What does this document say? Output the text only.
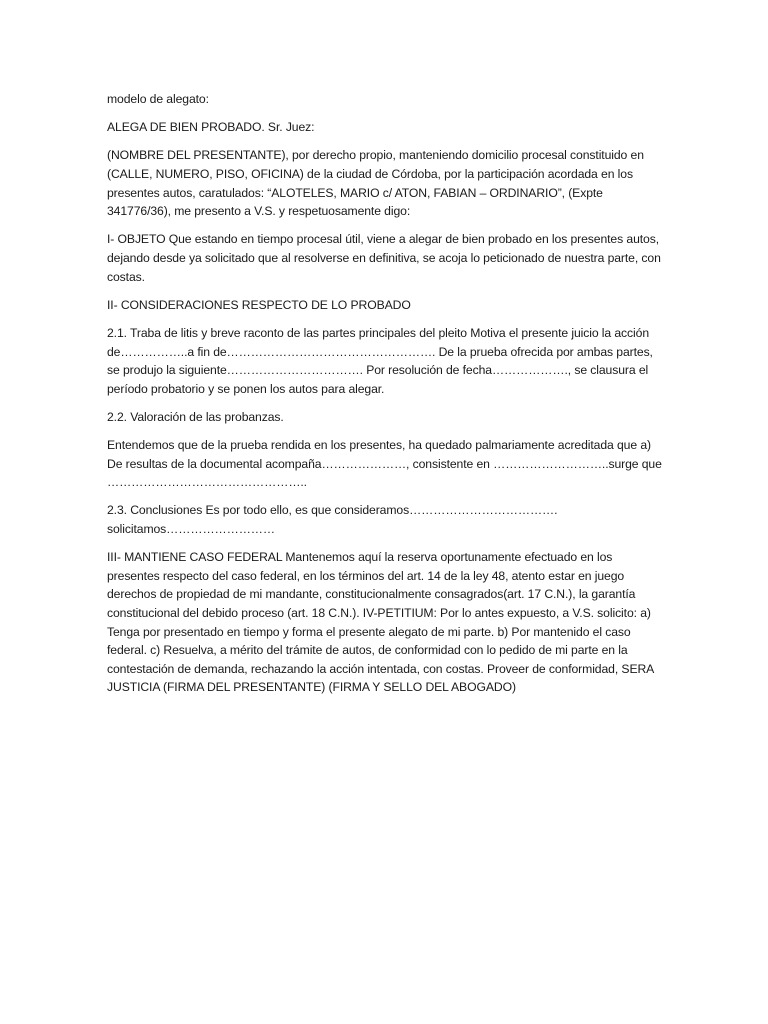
modelo de alegato:

ALEGA DE BIEN PROBADO. Sr. Juez:

(NOMBRE DEL PRESENTANTE), por derecho propio, manteniendo domicilio procesal constituido en (CALLE, NUMERO, PISO, OFICINA) de la ciudad de Córdoba, por la participación acordada en los presentes autos, caratulados: “ALOTELES, MARIO c/ ATON, FABIAN – ORDINARIO”, (Expte 341776/36), me presento a V.S. y respetuosamente digo:

I- OBJETO Que estando en tiempo procesal útil, viene a alegar de bien probado en los presentes autos, dejando desde ya solicitado que al resolverse en definitiva, se acoja lo peticionado de nuestra parte, con costas.

II- CONSIDERACIONES RESPECTO DE LO PROBADO

2.1. Traba de litis y breve raconto de las partes principales del pleito Motiva el presente juicio la acción de……………..a fin de……………………………………………. De la prueba ofrecida por ambas partes, se produjo la siguiente……………………………. Por resolución de fecha………………., se clausura el período probatorio y se ponen los autos para alegar.

2.2. Valoración de las probanzas.

Entendemos que de la prueba rendida en los presentes, ha quedado palmariamente acreditada que a) De resultas de la documental acompaña…………………, consistente en ………………………..surge que …………………………………………..

2.3. Conclusiones Es por todo ello, es que consideramos………………………………. solicitamos………………………

III- MANTIENE CASO FEDERAL Mantenemos aquí la reserva oportunamente efectuado en los presentes respecto del caso federal, en los términos del art. 14 de la ley 48, atento estar en juego derechos de propiedad de mi mandante, constitucionalmente consagrados(art. 17 C.N.), la garantía constitucional del debido proceso (art. 18 C.N.). IV-PETITIUM: Por lo antes expuesto, a V.S. solicito: a) Tenga por presentado en tiempo y forma el presente alegato de mi parte. b) Por mantenido el caso federal. c) Resuelva, a mérito del trámite de autos, de conformidad con lo pedido de mi parte en la contestación de demanda, rechazando la acción intentada, con costas. Proveer de conformidad, SERA JUSTICIA (FIRMA DEL PRESENTANTE) (FIRMA Y SELLO DEL ABOGADO)
